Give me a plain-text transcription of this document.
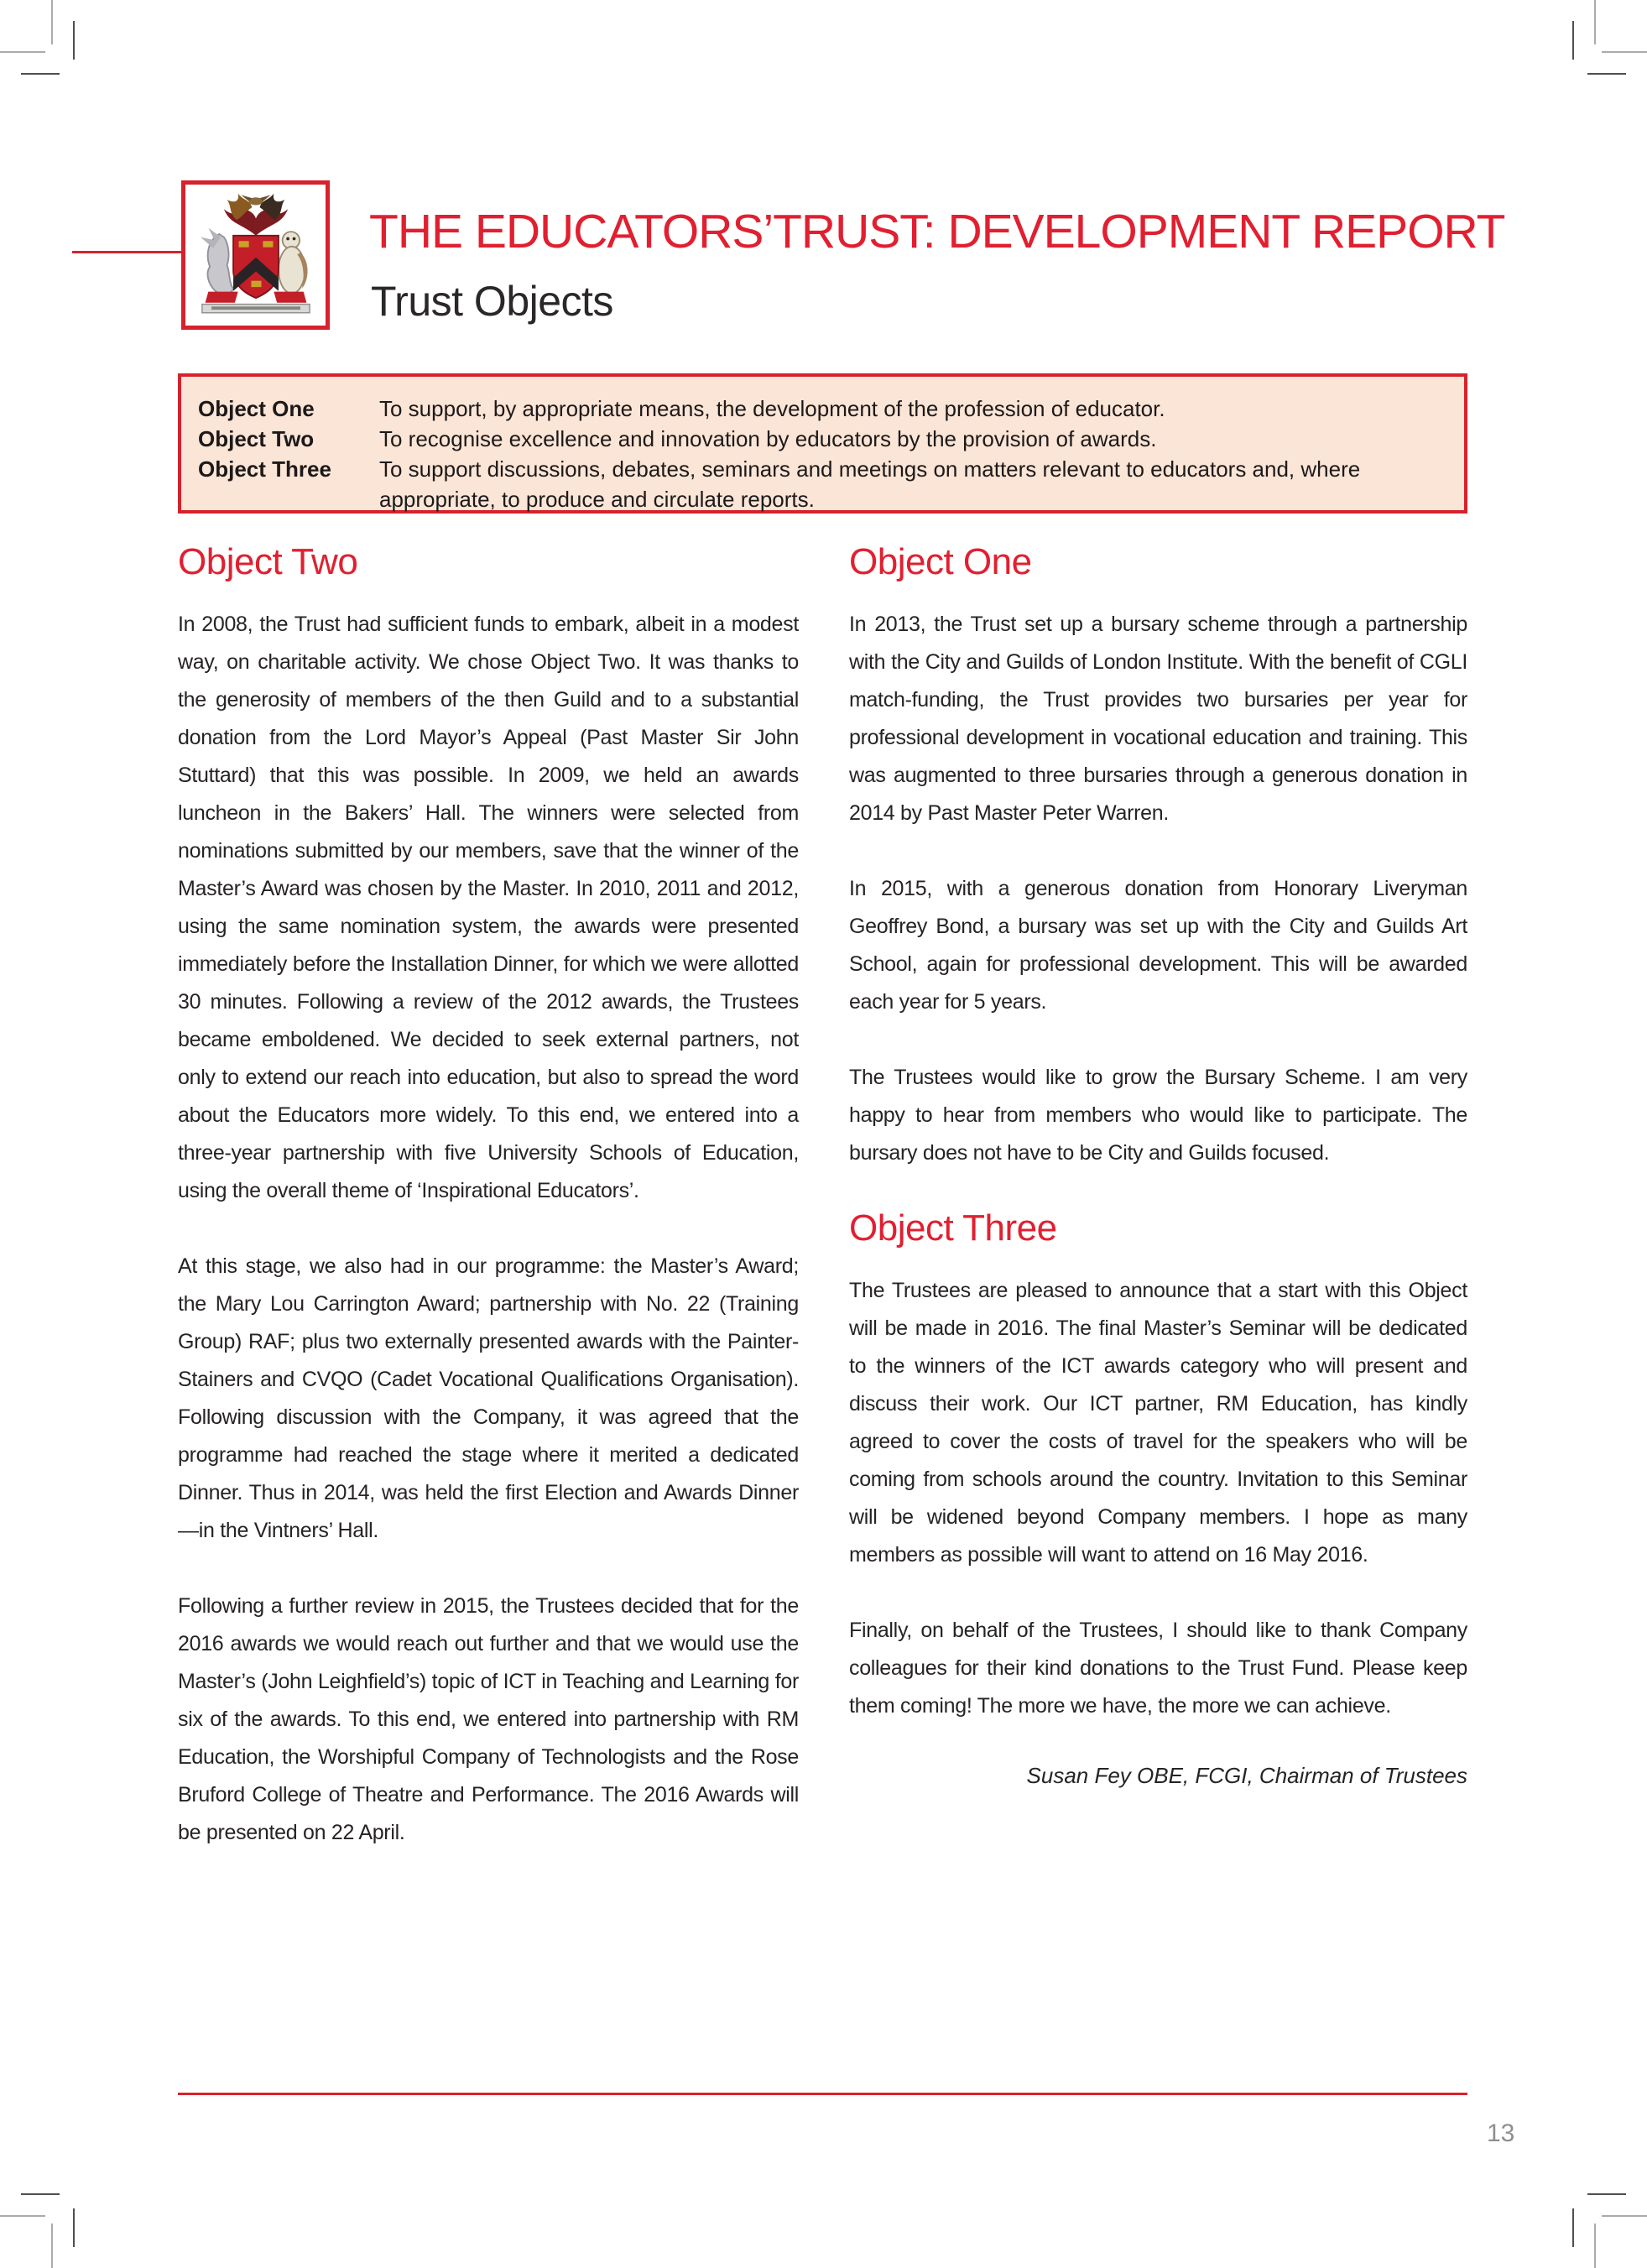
THE EDUCATORS’TRUST: DEVELOPMENT REPORT
Trust Objects
Object One	To support, by appropriate means, the development of the profession of educator.
Object Two	To recognise excellence and innovation by educators by the provision of awards.
Object Three	To support discussions, debates, seminars and meetings on matters relevant to educators and, where appropriate, to produce and circulate reports.
Object Two

In 2008, the Trust had sufficient funds to embark, albeit in a modest way, on charitable activity. We chose Object Two. It was thanks to the generosity of members of the then Guild and to a substantial donation from the Lord Mayor’s Appeal (Past Master Sir John Stuttard) that this was possible. In 2009, we held an awards luncheon in the Bakers’ Hall. The winners were selected from nominations submitted by our members, save that the winner of the Master’s Award was chosen by the Master. In 2010, 2011 and 2012, using the same nomination system, the awards were presented immediately before the Installation Dinner, for which we were allotted 30 minutes. Following a review of the 2012 awards, the Trustees became emboldened. We decided to seek external partners, not only to extend our reach into education, but also to spread the word about the Educators more widely. To this end, we entered into a three-year partnership with five University Schools of Education, using the overall theme of ‘Inspirational Educators’.

At this stage, we also had in our programme: the Master’s Award; the Mary Lou Carrington Award; partnership with No. 22 (Training Group) RAF; plus two externally presented awards with the Painter-Stainers and CVQO (Cadet Vocational Qualifications Organisation). Following discussion with the Company, it was agreed that the programme had reached the stage where it merited a dedicated Dinner. Thus in 2014, was held the first Election and Awards Dinner—in the Vintners’ Hall.

Following a further review in 2015, the Trustees decided that for the 2016 awards we would reach out further and that we would use the Master’s (John Leighfield’s) topic of ICT in Teaching and Learning for six of the awards. To this end, we entered into partnership with RM Education, the Worshipful Company of Technologists and the Rose Bruford College of Theatre and Performance. The 2016 Awards will be presented on 22 April.

Object One

In 2013, the Trust set up a bursary scheme through a partnership with the City and Guilds of London Institute. With the benefit of CGLI match-funding, the Trust provides two bursaries per year for professional development in vocational education and training. This was augmented to three bursaries through a generous donation in 2014 by Past Master Peter Warren.

In 2015, with a generous donation from Honorary Liveryman Geoffrey Bond, a bursary was set up with the City and Guilds Art School, again for professional development. This will be awarded each year for 5 years.

The Trustees would like to grow the Bursary Scheme. I am very happy to hear from members who would like to participate. The bursary does not have to be City and Guilds focused.

Object Three

The Trustees are pleased to announce that a start with this Object will be made in 2016. The final Master’s Seminar will be dedicated to the winners of the ICT awards category who will present and discuss their work. Our ICT partner, RM Education, has kindly agreed to cover the costs of travel for the speakers who will be coming from schools around the country. Invitation to this Seminar will be widened beyond Company members. I hope as many members as possible will want to attend on 16 May 2016.

Finally, on behalf of the Trustees, I should like to thank Company colleagues for their kind donations to the Trust Fund. Please keep them coming! The more we have, the more we can achieve.

Susan Fey OBE, FCGI, Chairman of Trustees
13
